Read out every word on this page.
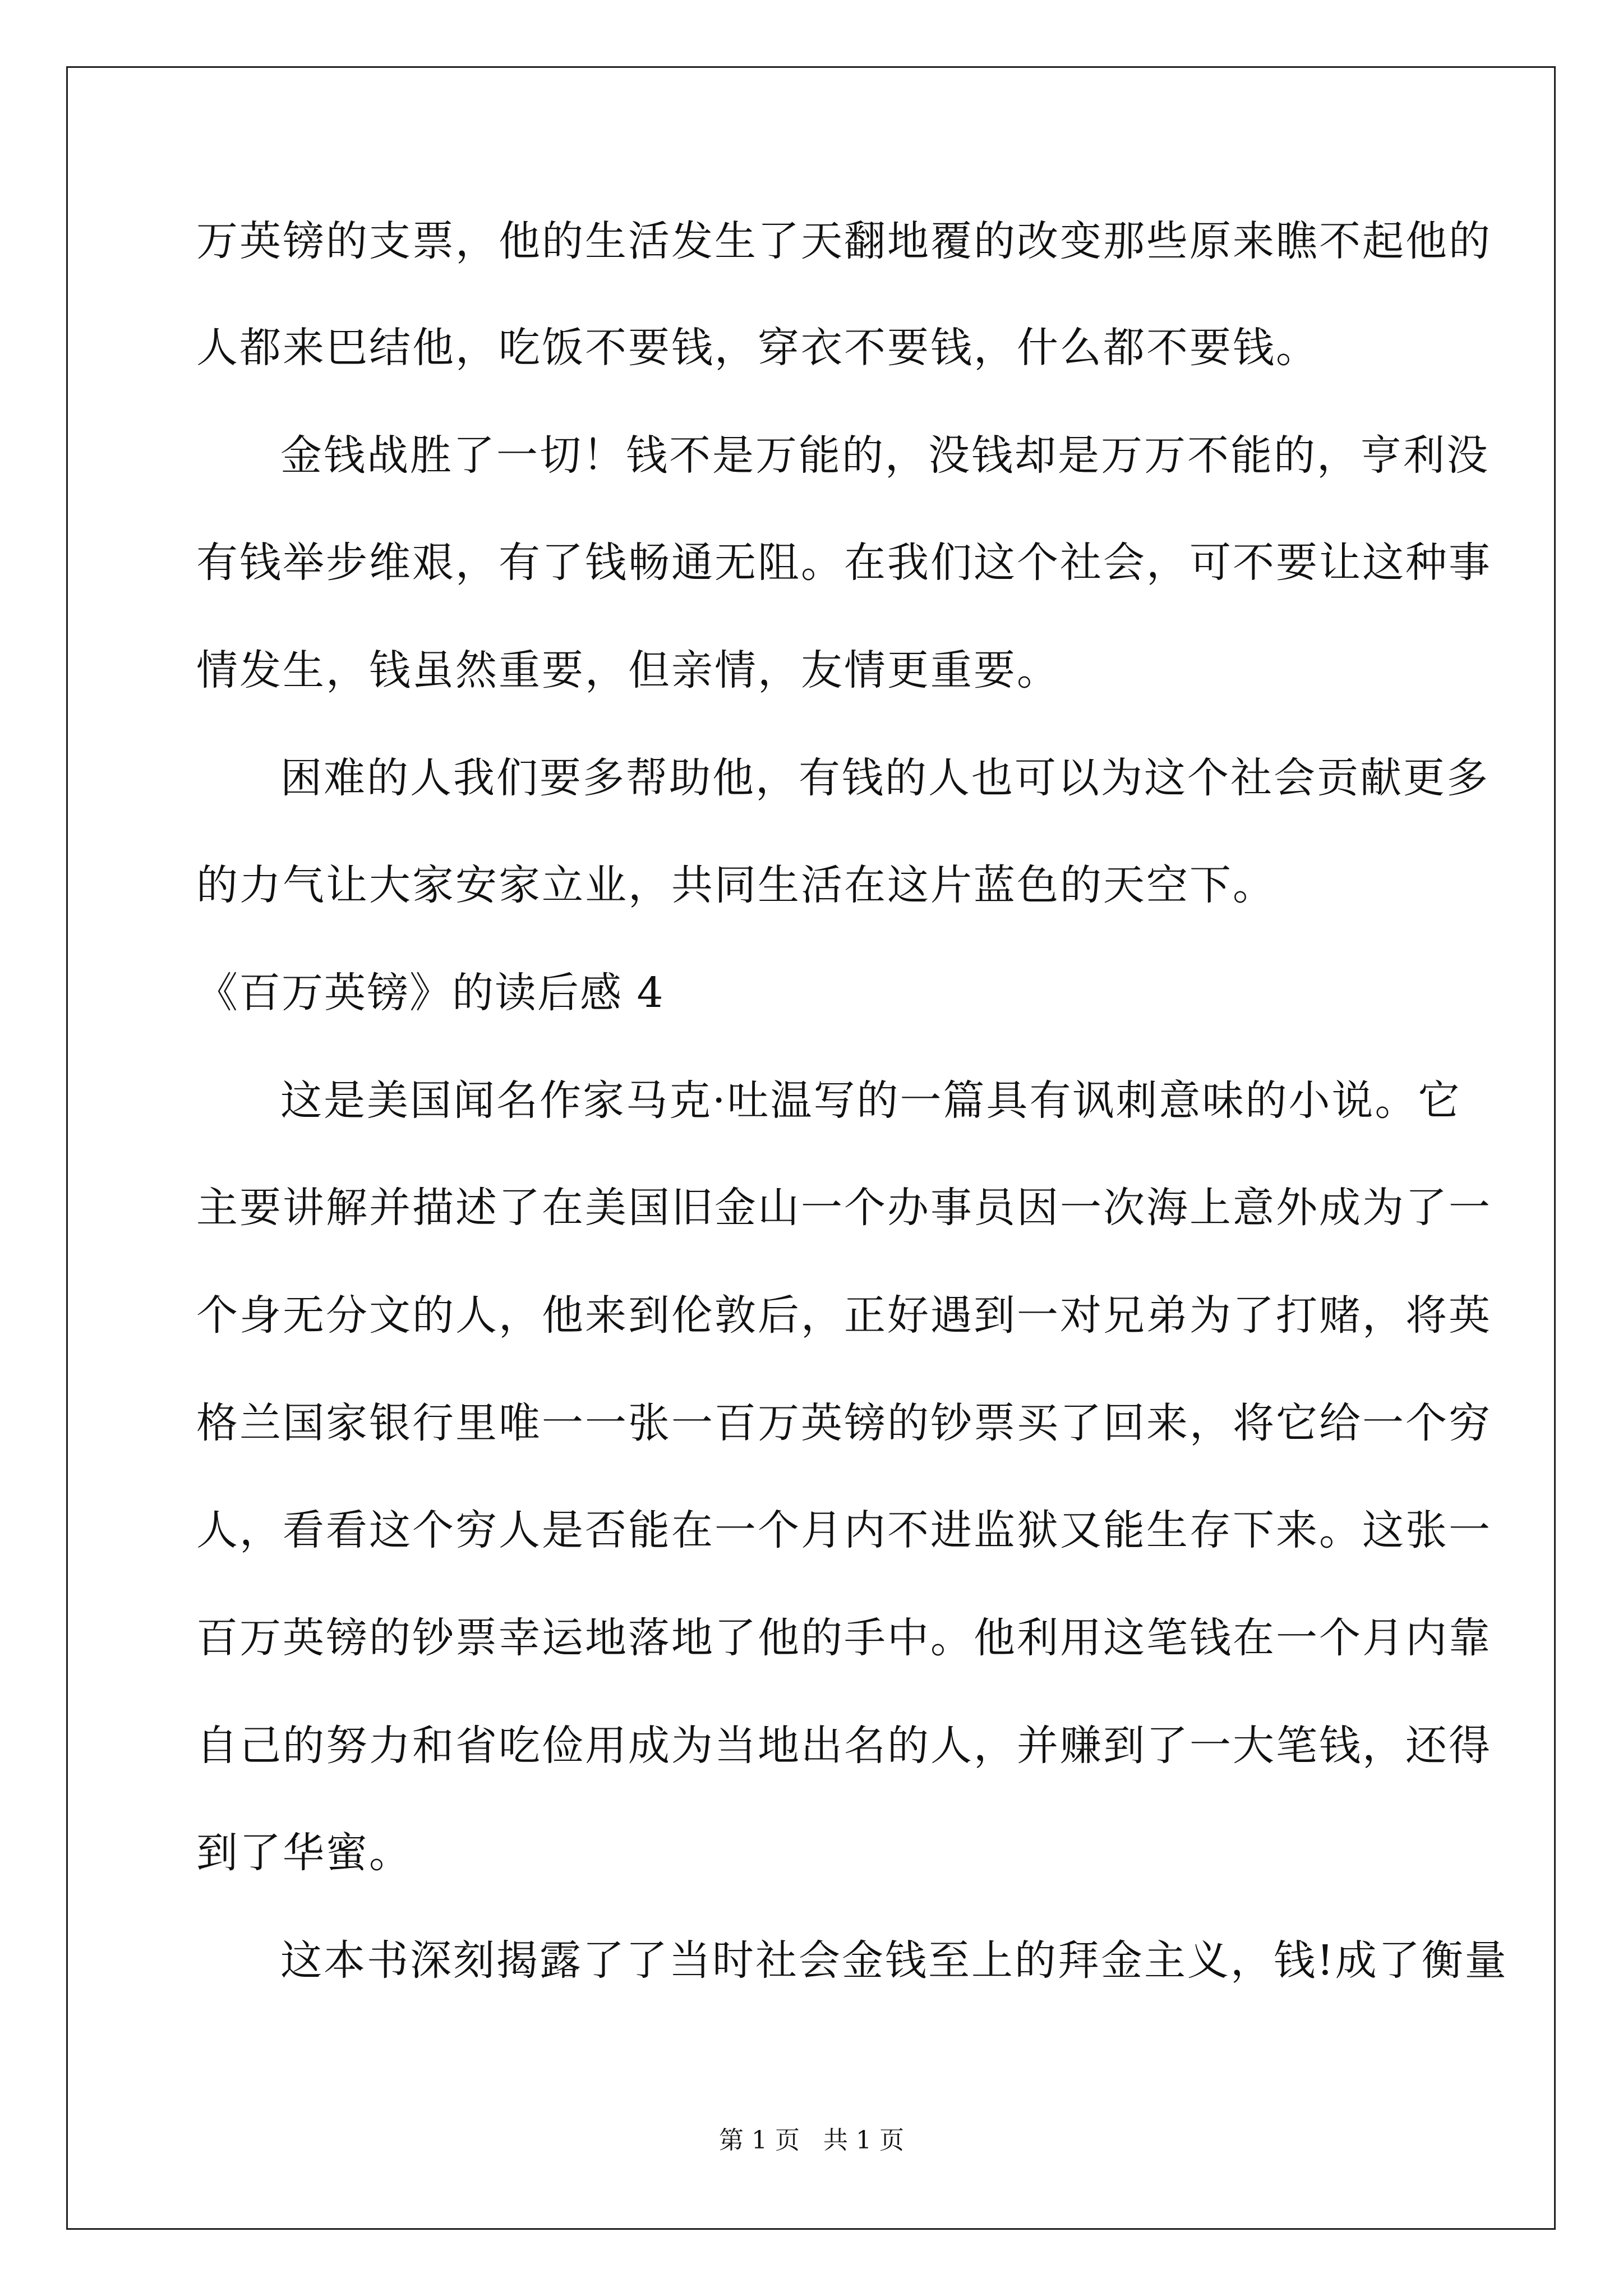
万英镑的支票，他的生活发生了天翻地覆的改变那些原来瞧不起他的
人都来巴结他，吃饭不要钱，穿衣不要钱，什么都不要钱。
金钱战胜了一切！钱不是万能的，没钱却是万万不能的，亨利没
有钱举步维艰，有了钱畅通无阻。在我们这个社会，可不要让这种事
情发生，钱虽然重要，但亲情，友情更重要。
困难的人我们要多帮助他，有钱的人也可以为这个社会贡献更多
的力气让大家安家立业，共同生活在这片蓝色的天空下。
《百万英镑》的读后感 4
这是美国闻名作家马克·吐温写的一篇具有讽刺意味的小说。它
主要讲解并描述了在美国旧金山一个办事员因一次海上意外成为了一
个身无分文的人，他来到伦敦后，正好遇到一对兄弟为了打赌，将英
格兰国家银行里唯一一张一百万英镑的钞票买了回来，将它给一个穷
人，看看这个穷人是否能在一个月内不进监狱又能生存下来。这张一
百万英镑的钞票幸运地落地了他的手中。他利用这笔钱在一个月内靠
自己的努力和省吃俭用成为当地出名的人，并赚到了一大笔钱，还得
到了华蜜。
这本书深刻揭露了了当时社会金钱至上的拜金主义，钱!成了衡量
第 1 页 共 1 页
